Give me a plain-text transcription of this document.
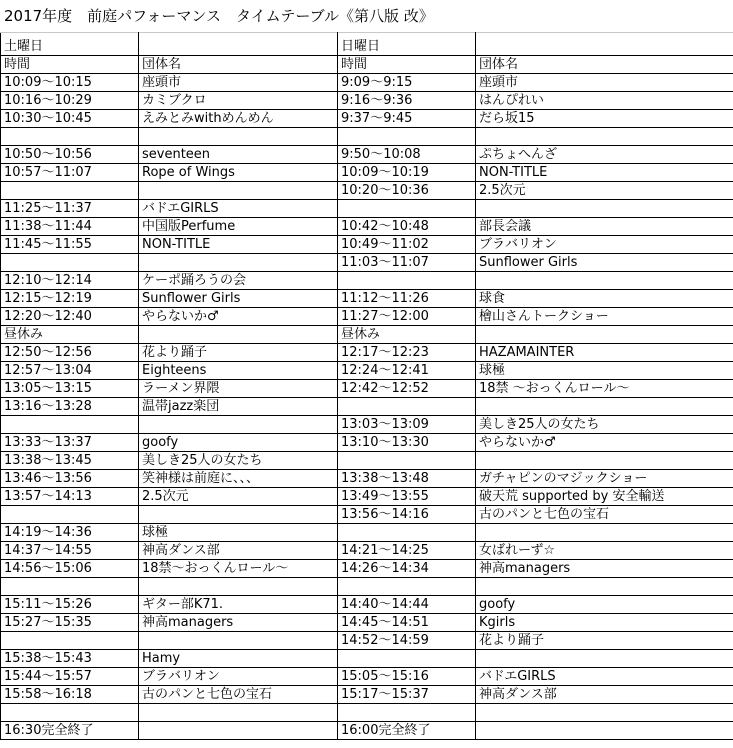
2017年度　前庭パフォーマンス　タイムテーブル《第八版 改》
土曜日		日曜日	
時間	団体名	時間	団体名
10:09～10:15	座頭市	9:09～9:15	座頭市
10:16～10:29	カミブクロ	9:16～9:36	はんぴれい
10:30～10:45	えみとみwithめんめん	9:37～9:45	だら坂15

10:50～10:56	seventeen	9:50～10:08	ぷちょへんざ
10:57～11:07	Rope of Wings	10:09～10:19	NON-TITLE
		10:20～10:36	2.5次元
11:25～11:37	バドエGIRLS		
11:38～11:44	中国版Perfume	10:42～10:48	部長会議
11:45～11:55	NON-TITLE	10:49～11:02	ブラバリオン
		11:03～11:07	Sunflower Girls
12:10～12:14	ケーポ踊ろうの会		
12:15～12:19	Sunflower Girls	11:12～11:26	球食
12:20～12:40	やらないか♂	11:27～12:00	檜山さんトークショー
昼休み		昼休み	
12:50～12:56	花より踊子	12:17～12:23	HAZAMAINTER
12:57～13:04	Eighteens	12:24～12:41	球極
13:05～13:15	ラーメン界隈	12:42～12:52	18禁 ～おっくんロール～
13:16～13:28	温帯jazz楽団		
		13:03～13:09	美しき25人の女たち
13:33～13:37	goofy	13:10～13:30	やらないか♂
13:38～13:45	美しき25人の女たち		
13:46～13:56	笑神様は前庭に、、、	13:38～13:48	ガチャピンのマジックショー
13:57～14:13	2.5次元	13:49～13:55	破天荒 supported by 安全輸送
		13:56～14:16	古のパンと七色の宝石
14:19～14:36	球極		
14:37～14:55	神高ダンス部	14:21～14:25	女ばれーず☆
14:56～15:06	18禁～おっくんロール～	14:26～14:34	神高managers

15:11～15:26	ギター部K71.	14:40～14:44	goofy
15:27～15:35	神高managers	14:45～14:51	Kgirls
		14:52～14:59	花より踊子
15:38～15:43	Hamy		
15:44～15:57	ブラバリオン	15:05～15:16	バドエGIRLS
15:58～16:18	古のパンと七色の宝石	15:17～15:37	神高ダンス部

16:30完全終了		16:00完全終了	
